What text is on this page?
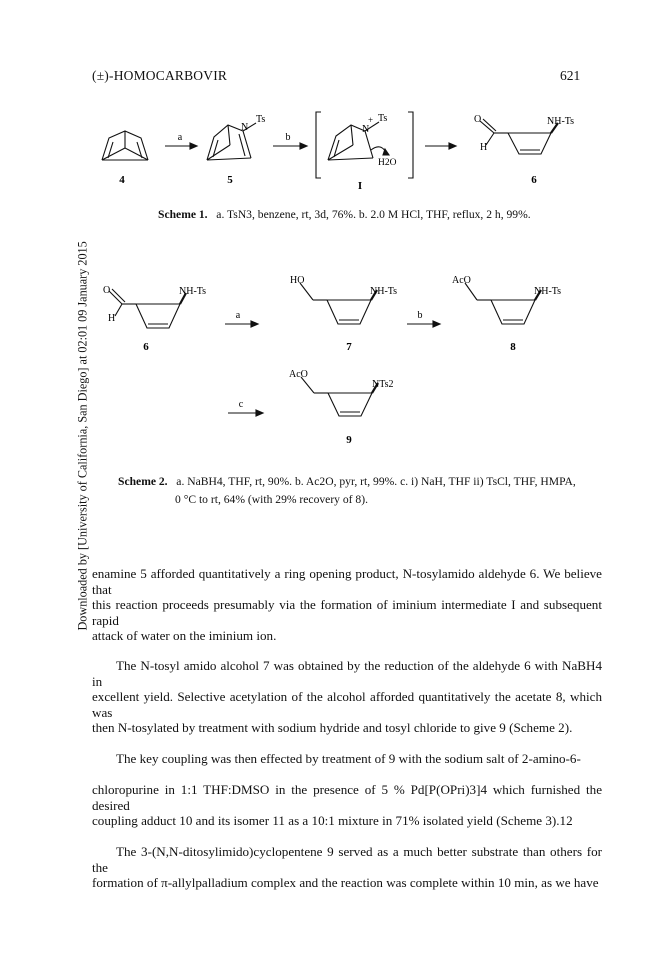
(±)-HOMOCARBOVIR	621
Downloaded by [University of California, San Diego] at 02:01 09 January 2015
4	5	I	6
a	b
Ts
N
Ts
+
N
H2O
O
H
NH-Ts
Scheme 1. a. TsN3, benzene, rt, 3d, 76%. b. 2.0 M HCl, THF, reflux, 2 h, 99%.
O
H
NH-Ts
HO
NH-Ts
AcO
NH-Ts
AcO
NTs2
a	b
c
6	7	8
9
Scheme 2. a. NaBH4, THF, rt, 90%. b. Ac2O, pyr, rt, 99%. c. i) NaH, THF ii) TsCl, THF, HMPA,
0 °C to rt, 64% (with 29% recovery of 8).
enamine 5 afforded quantitatively a ring opening product, N-tosylamido aldehyde 6. We believe that
this reaction proceeds presumably via the formation of iminium intermediate I and subsequent rapid
attack of water on the iminium ion.
The N-tosyl amido alcohol 7 was obtained by the reduction of the aldehyde 6 with NaBH4 in
excellent yield. Selective acetylation of the alcohol afforded quantitatively the acetate 8, which was
then N-tosylated by treatment with sodium hydride and tosyl chloride to give 9 (Scheme 2).
The key coupling was then effected by treatment of 9 with the sodium salt of 2-amino-6-
chloropurine in 1:1 THF:DMSO in the presence of 5 % Pd[P(OPri)3]4 which furnished the desired
coupling adduct 10 and its isomer 11 as a 10:1 mixture in 71% isolated yield (Scheme 3).12
The 3-(N,N-ditosylimido)cyclopentene 9 served as a much better substrate than others for the
formation of π-allylpalladium complex and the reaction was complete within 10 min, as we have
